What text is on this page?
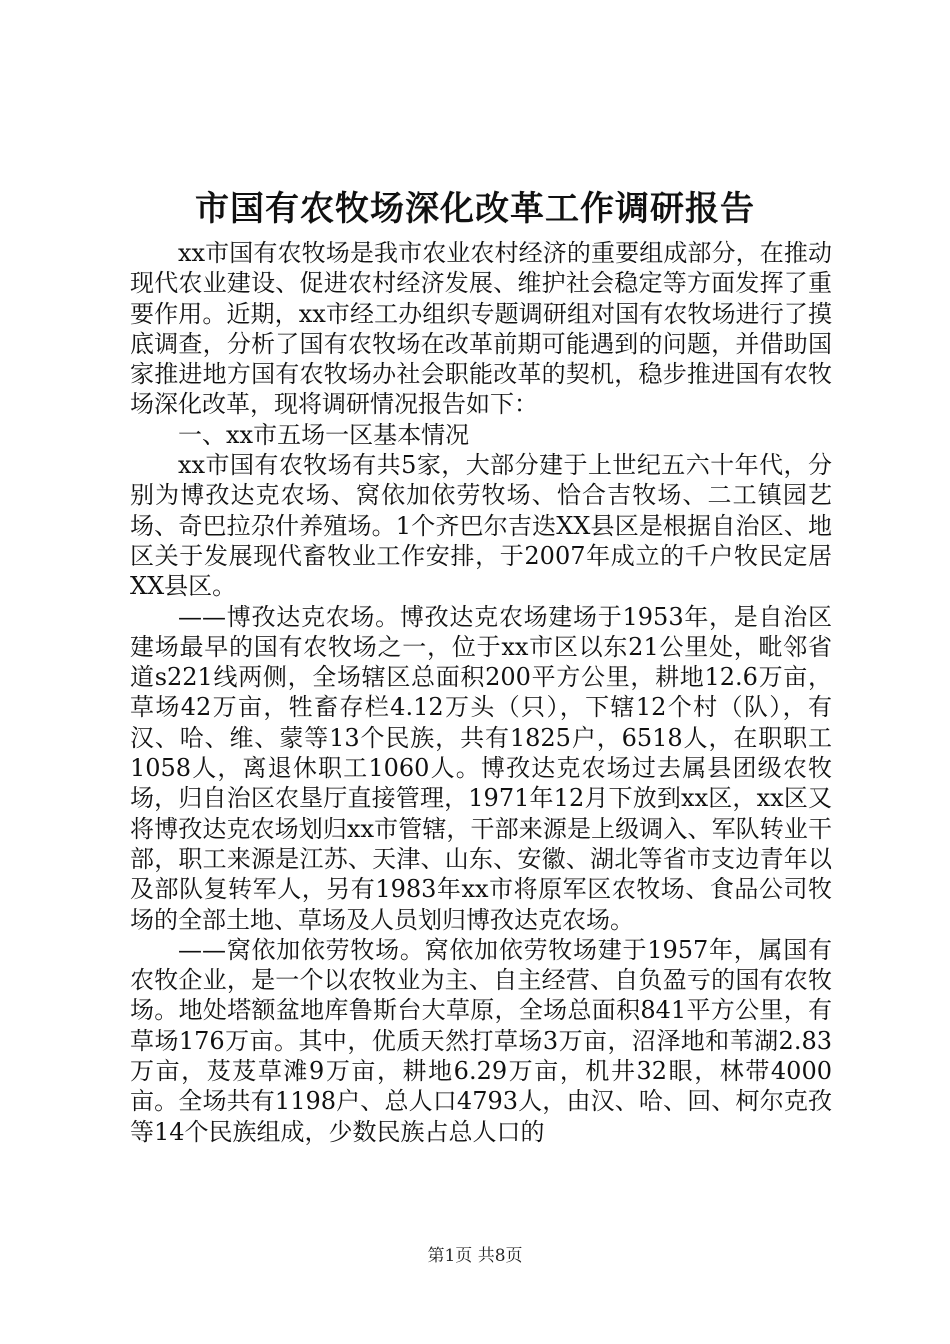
市国有农牧场深化改革工作调研报告

xx市国有农牧场是我市农业农村经济的重要组成部分，在推动现代农业建设、促进农村经济发展、维护社会稳定等方面发挥了重要作用。近期，xx市经工办组织专题调研组对国有农牧场进行了摸底调查，分析了国有农牧场在改革前期可能遇到的问题，并借助国家推进地方国有农牧场办社会职能改革的契机，稳步推进国有农牧场深化改革，现将调研情况报告如下：

一、xx市五场一区基本情况

xx市国有农牧场有共5家，大部分建于上世纪五六十年代，分别为博孜达克农场、窝依加依劳牧场、恰合吉牧场、二工镇园艺场、奇巴拉尕什养殖场。1个齐巴尔吉迭XX县区是根据自治区、地区关于发展现代畜牧业工作安排，于2007年成立的千户牧民定居XX县区。

——博孜达克农场。博孜达克农场建场于1953年，是自治区建场最早的国有农牧场之一，位于xx市区以东21公里处，毗邻省道s221线两侧，全场辖区总面积200平方公里，耕地12.6万亩，草场42万亩，牲畜存栏4.12万头（只），下辖12个村（队），有汉、哈、维、蒙等13个民族，共有1825户，6518人，在职职工1058人，离退休职工1060人。博孜达克农场过去属县团级农牧场，归自治区农垦厅直接管理，1971年12月下放到xx区，xx区又将博孜达克农场划归xx市管辖，干部来源是上级调入、军队转业干部，职工来源是江苏、天津、山东、安徽、湖北等省市支边青年以及部队复转军人，另有1983年xx市将原军区农牧场、食品公司牧场的全部土地、草场及人员划归博孜达克农场。

——窝依加依劳牧场。窝依加依劳牧场建于1957年，属国有农牧企业，是一个以农牧业为主、自主经营、自负盈亏的国有农牧场。地处塔额盆地库鲁斯台大草原，全场总面积841平方公里，有草场176万亩。其中，优质天然打草场3万亩，沼泽地和苇湖2.83万亩，芨芨草滩9万亩，耕地6.29万亩，机井32眼，林带4000亩。全场共有1198户、总人口4793人，由汉、哈、回、柯尔克孜等14个民族组成，少数民族占总人口的

第1页 共8页
